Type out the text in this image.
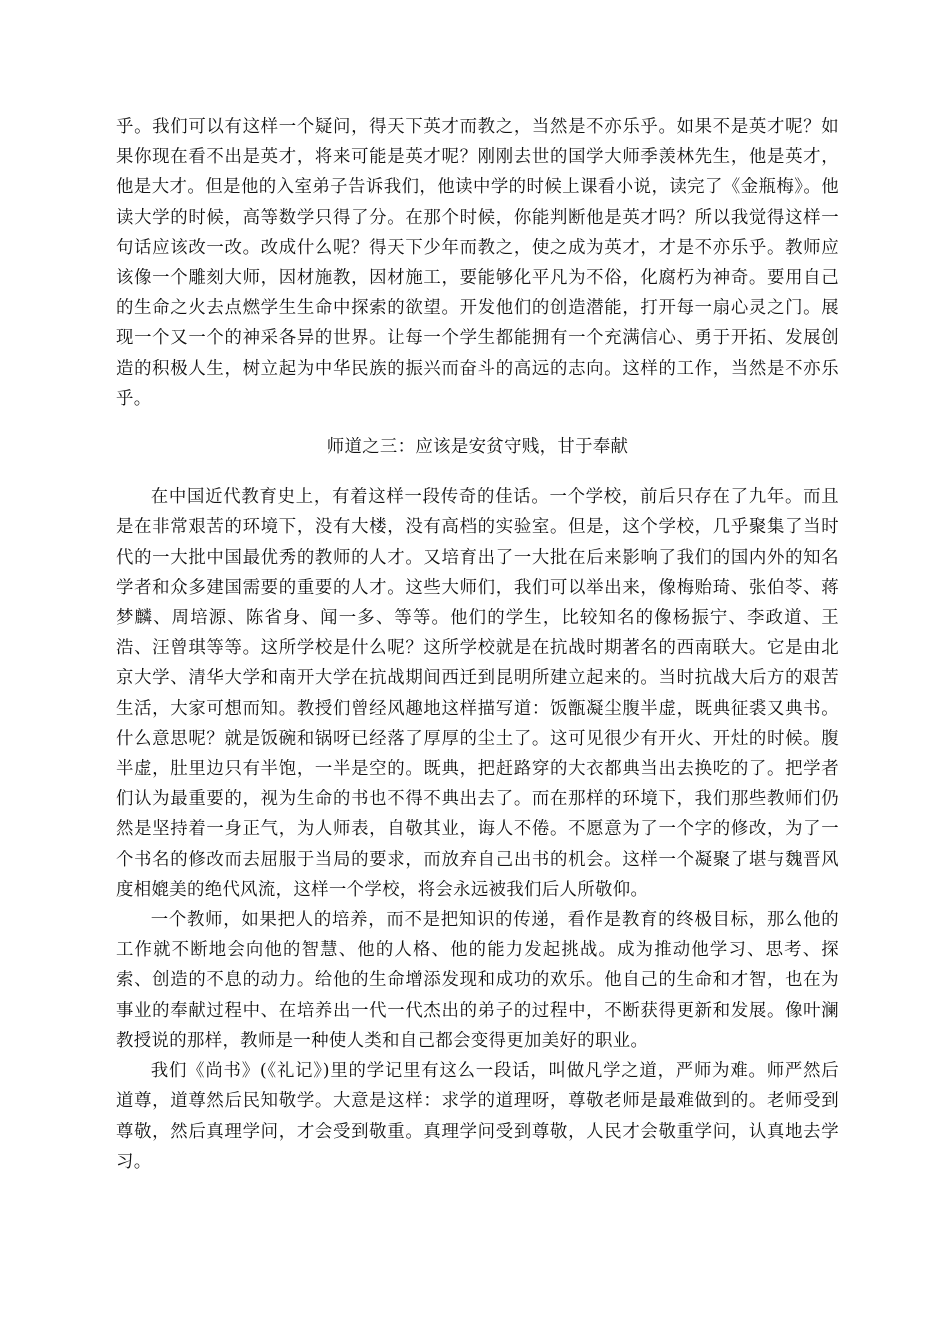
乎。我们可以有这样一个疑问，得天下英才而教之，当然是不亦乐乎。如果不是英才呢？如果你现在看不出是英才，将来可能是英才呢？刚刚去世的国学大师季羡林先生，他是英才，他是大才。但是他的入室弟子告诉我们，他读中学的时候上课看小说，读完了《金瓶梅》。他读大学的时候，高等数学只得了分。在那个时候，你能判断他是英才吗？所以我觉得这样一句话应该改一改。改成什么呢？得天下少年而教之，使之成为英才，才是不亦乐乎。教师应该像一个雕刻大师，因材施教，因材施工，要能够化平凡为不俗，化腐朽为神奇。要用自己的生命之火去点燃学生生命中探索的欲望。开发他们的创造潜能，打开每一扇心灵之门。展现一个又一个的神采各异的世界。让每一个学生都能拥有一个充满信心、勇于开拓、发展创造的积极人生，树立起为中华民族的振兴而奋斗的高远的志向。这样的工作，当然是不亦乐乎。

师道之三：应该是安贫守贱，甘于奉献

在中国近代教育史上，有着这样一段传奇的佳话。一个学校，前后只存在了九年。而且是在非常艰苦的环境下，没有大楼，没有高档的实验室。但是，这个学校，几乎聚集了当时代的一大批中国最优秀的教师的人才。又培育出了一大批在后来影响了我们的国内外的知名学者和众多建国需要的重要的人才。这些大师们，我们可以举出来，像梅贻琦、张伯苓、蒋梦麟、周培源、陈省身、闻一多、等等。他们的学生，比较知名的像杨振宁、李政道、王浩、汪曾琪等等。这所学校是什么呢？这所学校就是在抗战时期著名的西南联大。它是由北京大学、清华大学和南开大学在抗战期间西迁到昆明所建立起来的。当时抗战大后方的艰苦生活，大家可想而知。教授们曾经风趣地这样描写道：饭甑凝尘腹半虚，既典征裘又典书。什么意思呢？就是饭碗和锅呀已经落了厚厚的尘土了。这可见很少有开火、开灶的时候。腹半虚，肚里边只有半饱，一半是空的。既典，把赶路穿的大衣都典当出去换吃的了。把学者们认为最重要的，视为生命的书也不得不典出去了。而在那样的环境下，我们那些教师们仍然是坚持着一身正气，为人师表，自敬其业，诲人不倦。不愿意为了一个字的修改，为了一个书名的修改而去屈服于当局的要求，而放弃自己出书的机会。这样一个凝聚了堪与魏晋风度相媲美的绝代风流，这样一个学校，将会永远被我们后人所敬仰。

一个教师，如果把人的培养，而不是把知识的传递，看作是教育的终极目标，那么他的工作就不断地会向他的智慧、他的人格、他的能力发起挑战。成为推动他学习、思考、探索、创造的不息的动力。给他的生命增添发现和成功的欢乐。他自己的生命和才智，也在为事业的奉献过程中、在培养出一代一代杰出的弟子的过程中，不断获得更新和发展。像叶澜教授说的那样，教师是一种使人类和自己都会变得更加美好的职业。

我们《尚书》(《礼记》)里的学记里有这么一段话，叫做凡学之道，严师为难。师严然后道尊，道尊然后民知敬学。大意是这样：求学的道理呀，尊敬老师是最难做到的。老师受到尊敬，然后真理学问，才会受到敬重。真理学问受到尊敬，人民才会敬重学问，认真地去学习。
